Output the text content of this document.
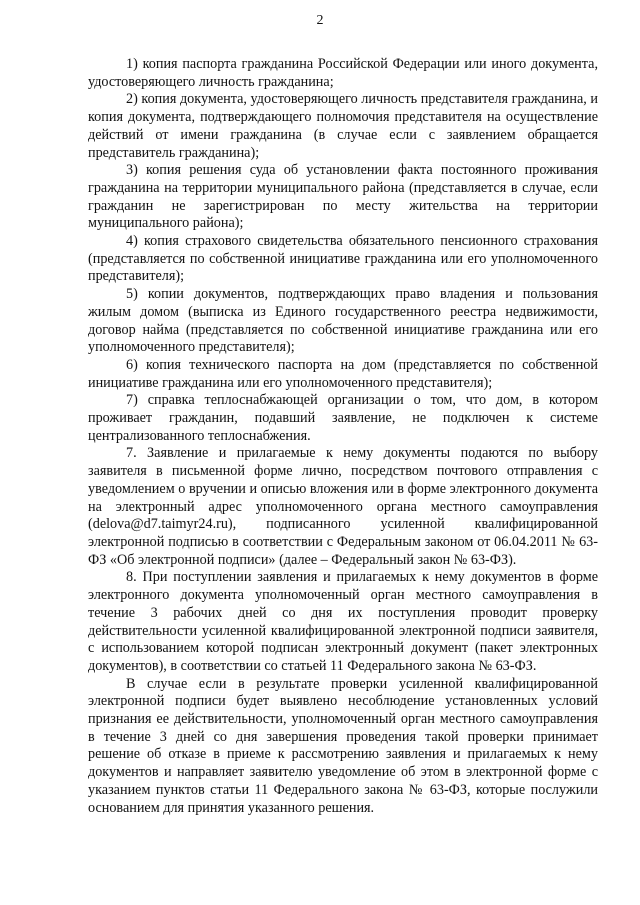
2

1) копия паспорта гражданина Российской Федерации или иного документа, удостоверяющего личность гражданина;

2) копия документа, удостоверяющего личность представителя гражданина, и копия документа, подтверждающего полномочия представителя на осуществление действий от имени гражданина (в случае если с заявлением обращается представитель гражданина);

3) копия решения суда об установлении факта постоянного проживания гражданина на территории муниципального района (представляется в случае, если гражданин не зарегистрирован по месту жительства на территории муниципального района);

4) копия страхового свидетельства обязательного пенсионного страхования (представляется по собственной инициативе гражданина или его уполномоченного представителя);

5) копии документов, подтверждающих право владения и пользования жилым домом (выписка из Единого государственного реестра недвижимости, договор найма (представляется по собственной инициативе гражданина или его уполномоченного представителя);

6) копия технического паспорта на дом (представляется по собственной инициативе гражданина или его уполномоченного представителя);

7) справка теплоснабжающей организации о том, что дом, в котором проживает гражданин, подавший заявление, не подключен к системе централизованного теплоснабжения.

7. Заявление и прилагаемые к нему документы подаются по выбору заявителя в письменной форме лично, посредством почтового отправления с уведомлением о вручении и описью вложения или в форме электронного документа на электронный адрес уполномоченного органа местного самоуправления (delova@d7.taimyr24.ru), подписанного усиленной квалифицированной электронной подписью в соответствии с Федеральным законом от 06.04.2011 № 63-ФЗ «Об электронной подписи» (далее – Федеральный закон № 63-ФЗ).

8. При поступлении заявления и прилагаемых к нему документов в форме электронного документа уполномоченный орган местного самоуправления в течение 3 рабочих дней со дня их поступления проводит проверку действительности усиленной квалифицированной электронной подписи заявителя, с использованием которой подписан электронный документ (пакет электронных документов), в соответствии со статьей 11 Федерального закона № 63-ФЗ.

В случае если в результате проверки усиленной квалифицированной электронной подписи будет выявлено несоблюдение установленных условий признания ее действительности, уполномоченный орган местного самоуправления в течение 3 дней со дня завершения проведения такой проверки принимает решение об отказе в приеме к рассмотрению заявления и прилагаемых к нему документов и направляет заявителю уведомление об этом в электронной форме с указанием пунктов статьи 11 Федерального закона № 63-ФЗ, которые послужили основанием для принятия указанного решения.
